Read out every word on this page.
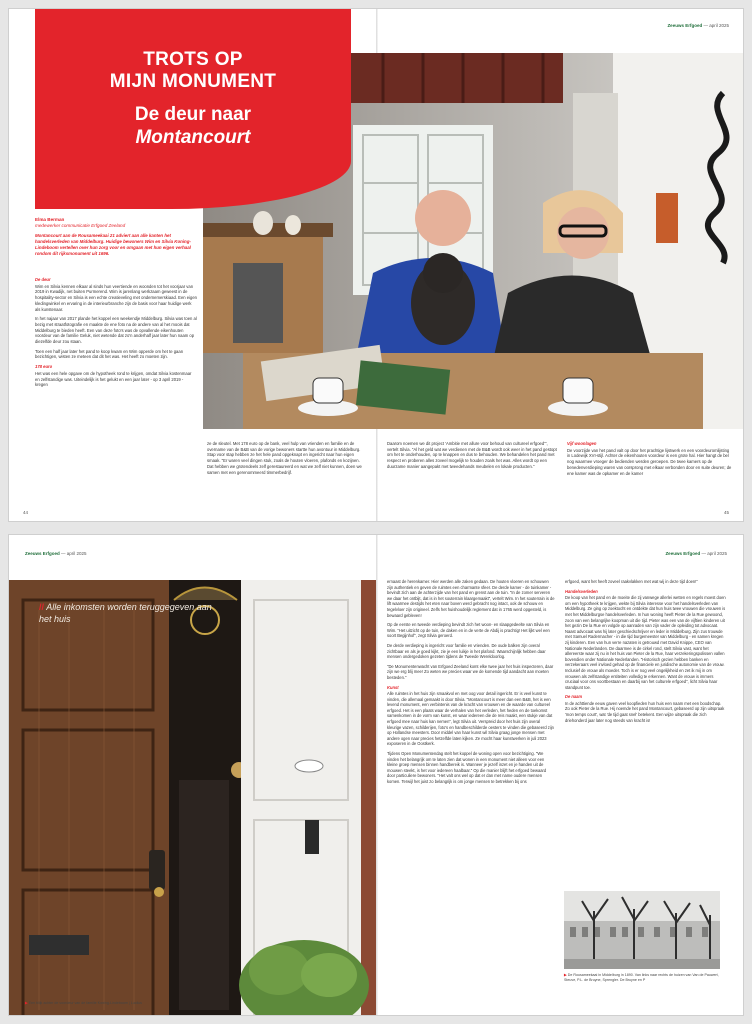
Zeeuws Erfgoed — april 2025
TROTS OP
MIJN MONUMENT
De deur naar
Montancourt
Elma Berman
medewerker communicatie Erfgoed Zeeland
Montancourt aan de Rousameekaai 21 adviert aan alle kanten het handelsverleden van Middelburg. Huidige bewoners Wim en Silvia Koning-Lindeboom vertellen over hun zorg voor en omgaan met hun eigen verhaal rondom dit rijksmonument uit 1696.

De deur
Wim en Silvia kennen elkaar al sinds hun veertiende en woonden tot het voorjaar van 2019 in Kwadijk, net buiten Purmerend. Wim is jarenlang werkzaam geweest in de hospitality-sector en Silvia is een echte creatieveling met ondernemerskiaad. Een eigen kledingwinkel en ervaring in de interieurbranche zijn de basis voor haar huidige werk als kunstenaar.

In het najaar van 2017 plande het koppel een weekendje Middelburg. Silvia was toen al bezig met straatfotografie en maakte de ene foto na de andere van al het moois dat Middelburg te bieden heeft. Een van deze foto's was de opvallende eikenhouten voordeur van de familie Geluk, niet wetende dat zo'n anderhalf jaar later hun naam op diezelfde deur zou staan.

Toen een half jaar later het pand te koop kwam en Wim opperde om het te gaan bezichtigen, wisten ze meteen dat dit het was. Het heeft zo moeten zijn.

178 euro
Het was een hele opgave om de hypotheek rond te krijgen, omdat Silvia kostenmaar en zelfstandige was. Uiteindelijk is het gelukt en een jaar later - op 3 april 2019 - kregen

ze de sleutel. Met 178 euro op de bank, veel hulp van vrienden en familie en de overname van de B&B van de vorige bewoners startte hun avontuur in Middelburg. Stap voor stap hebben ze het hele pand opgeknapt en ingericht naar hun eigen smaak. "Er waren veel dingen stuk, zoals de houten vloeren, plafonds en kozijnen. Dat hebben we grotendeels zelf gerestaureerd en wat we zelf niet kunnen, doen we samen met een gerenommeerd timmerbedrijf.

Daarom noemen we dit project 'Ambitie met allure voor behoud van cultureel erfgoed'", vertelt Silvia. "Al het geld wat we verdienen met de B&B wordt ook weer in het pand gestopt om het te onderhouden, op te knappen en dus te behouden. We behandelen het pand met respect en proberen alles zoveel mogelijk te houden zoals het was. Alles wordt op een duurzame manier aangepakt met tweedehands meubelen en lokale producten."

Vijf woonlagen
De voorzijde van het pand valt op door het prachtige lijstwerk en een voordeuromlijsting in Lodewijk XVI-stijl. Achter de eikenhouten voordeur is een grote hal. Hier hangt de bel nog waarmee vroeger de bedienden werden geroepen. De twee kamers op de benedenverdieping waren van oorsprong met elkaar verbonden door en suite deuren; de ene kamer was de opkamer en de kamer

44	45
Zeeuws Erfgoed — april 2025	Zeeuws Erfgoed — april 2025
// Alle inkomsten worden teruggegeven aan het huis
▶ Een blijk achter de voordeur van de familie Koning-Lindeboom | Lucilus

ernaast de herenkamer. Hier werden alle zaken gedaan. De houten vloeren en schouwen zijn authentiek en geven de ruimtes een charmante sfeer. De derde kamer - de tuinkamer - bevindt zich aan de achterzijde van het pand en grenst aan de tuin. "In de zomer serveren we daar het ontbijt, dat is in het souterrain klaargemaakt", vertelt Wim. In het souterrain is de lift waarmee destijds het eten naar boven werd gebracht nog intact, ook de schouw en tegelvloer zijn origineel. Zelfs het huishoudelijk reglement dat in 1765 werd opgesteld, is bewaard gebleven!

Op de eerste en tweede verdieping bevindt zich het woon- en slaapgedeelte van Silvia en Wim. "Het uitzicht op de tuin, de daken en in de verte de Abdij is prachtig! Het lijkt wel een soort Begijnhof", zegt Silvia geroerd.

De derde verdieping is ingericht voor familie en vrienden. De oude balken zijn overal zichtbaar en als je goed kijkt, zie je een luikje in het plafond. Waarschijnlijk hebben daar mensen ondergedoken gezeten tijdens de Tweede Wereldoorlog.

"De Monumentenwacht van Erfgoed Zeeland komt elke twee jaar het huis inspecteren, daar zijn we erg blij mee! Zo weten we precies waar we de komende tijd aandacht aan moeten besteden."

Kunst
Alle ruimtes in het huis zijn smaakvol en met oog voor detail ingericht. Er is veel kunst te vinden, die allemaal gemaakt is door Silvia. "Montancourt is meer dan een B&B, het is een levend monument, een verbintenis van de kracht van vrouwen en de waarde van cultureel erfgoed. Het is een plaats waar de verhalen van het verleden, het heden en de toekomst samenkomen in de vorm van kunst, en waar iedereen die de reis maakt, een stukje van dat erfgoed mee naar huis kan nemen", legt Silvia uit. Verspreid door het huis zijn overal kleurige vazen, schilderijen, foto's en handbeschilderde oesters te vinden die gebaseerd zijn op Hollandse meesters. Door middel van haar kunst wil Silvia graag jonge mensen met andere ogen naar precies hetzelfde laten kijken. Ze mocht haar kunstwerken in juli 2023 exposeren in de Oostkerk.

Tijdens Open Monumentendag stelt het koppel de woning open voor bezichtiging. "We vinden het belangrijk om te laten zien dat wonen in een monument niet alleen voor een kleine groep mensen binnen handbereik is. Wanneer je jezelf inzet en je handen uit de mouwen steekt, is het voor iedereen haalbaar." Op die manier blijft het erfgoed bewaard door particuliere bewoners. "Het valt ons wel op dat er dan met name oudere mensen komen. Terwijl het juist zo belangrijk is om jonge mensen te betrekken bij ons

erfgoed, want het heeft zoveel raakvlakken met wat wij in deze tijd doen!"

Handelsverleden
De koop van het pand en de moeite die zij vanwege allerlei wetten en regels moest doen om een hypotheek te krijgen, wekte bij Silvia interesse voor het handelsverleden van Middelburg. Ze ging op zoektocht en ontdekte dat hun huis twee vrouwen die vrouwen is met het Middelburgse handelsverleden. In hun woning heeft Pieter de la Rue gewoond, zoon van een belangrijke koopman uit die tijd. Pieter was een van de vijftien kinderen uit het gezin De la Rue en volgde op aanraden van zijn vader de opleiding tot advocaat. Naast advocaat was hij later geschiedschrijver en leder in Middelburg. Zijn zus trouwde met Samuel Radermacher - in die tijd burgemeester van Middelburg - en samen kregen zij kinderen. Een van hun verre nazaten is getrouwd met David Knippe, CEO van Nationale Nederlanden. De daarmee is de cirkel rond, stelt Silvia vast, want het allereerste waar zij nu in het huis van Pieter de la Rue, haar verzekeringspolissen vallen bovendien onder Nationale Nederlanden. "Historisch gezien hebben banken en verzekeraars veel invloed gehad op de financiele en juridische autonomie van de vrouw. Inclusief de vrouw als moeder. Toch is er nog veel ongelijkheid en zet ik mij in om vrouwen als zelfstandige entiteiten volledig te erkennen. Want de vrouw is immers cruciaal voor ons voortbestaan en daarbij van het culturele erfgoed", licht Silvia haar standpunt toe.

De naam
In de achttiende eeuw gaven veel koopfieden hun huis een naam met een boodschap. Zo ook Pieter de la Rue. Hij noemde het pand Montancourt, gebaseerd op zijn uitspraak 'mon temps court', wat 'de tijd gaat snel' betekent. Een wijze uitspraak die zich driehonderd jaar later nog steeds van kracht is!

▶ De Rousameekaai in Middelburg in 1890. Van links naar rechts de huizen van Van de Pauwert, Steuve, P.L. de Bruyne, Sprengler. De Bruyne en P
